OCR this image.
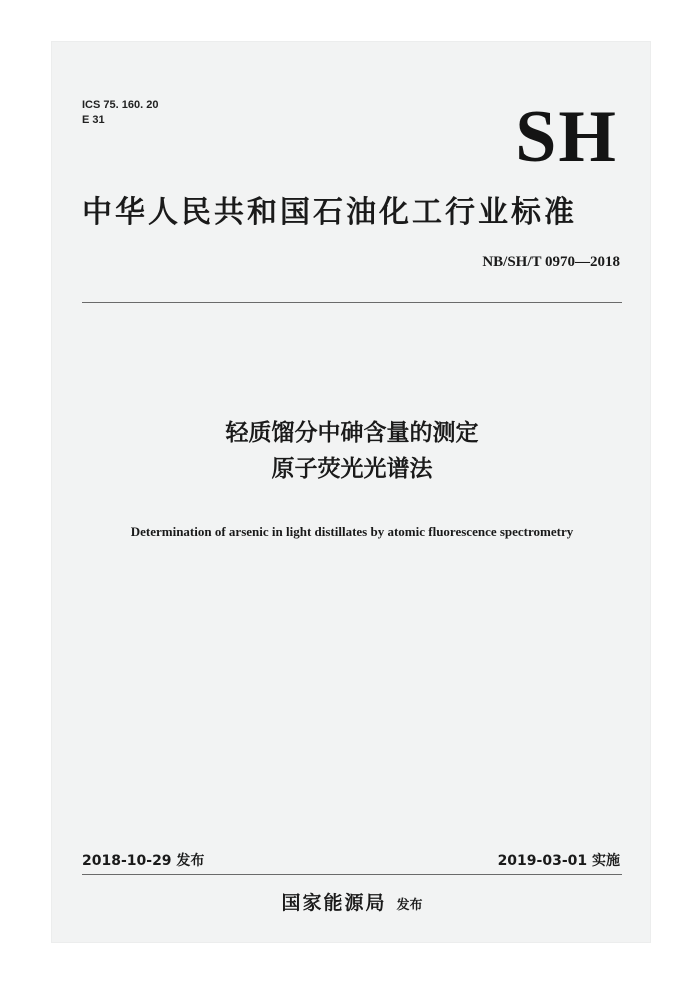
ICS 75. 160. 20
E 31	SH
中华人民共和国石油化工行业标准
NB/SH/T 0970—2018
轻质馏分中砷含量的测定
原子荧光光谱法
Determination of arsenic in light distillates by atomic fluorescence spectrometry
2018-10-29 发布	2019-03-01 实施
国家能源局 发布
